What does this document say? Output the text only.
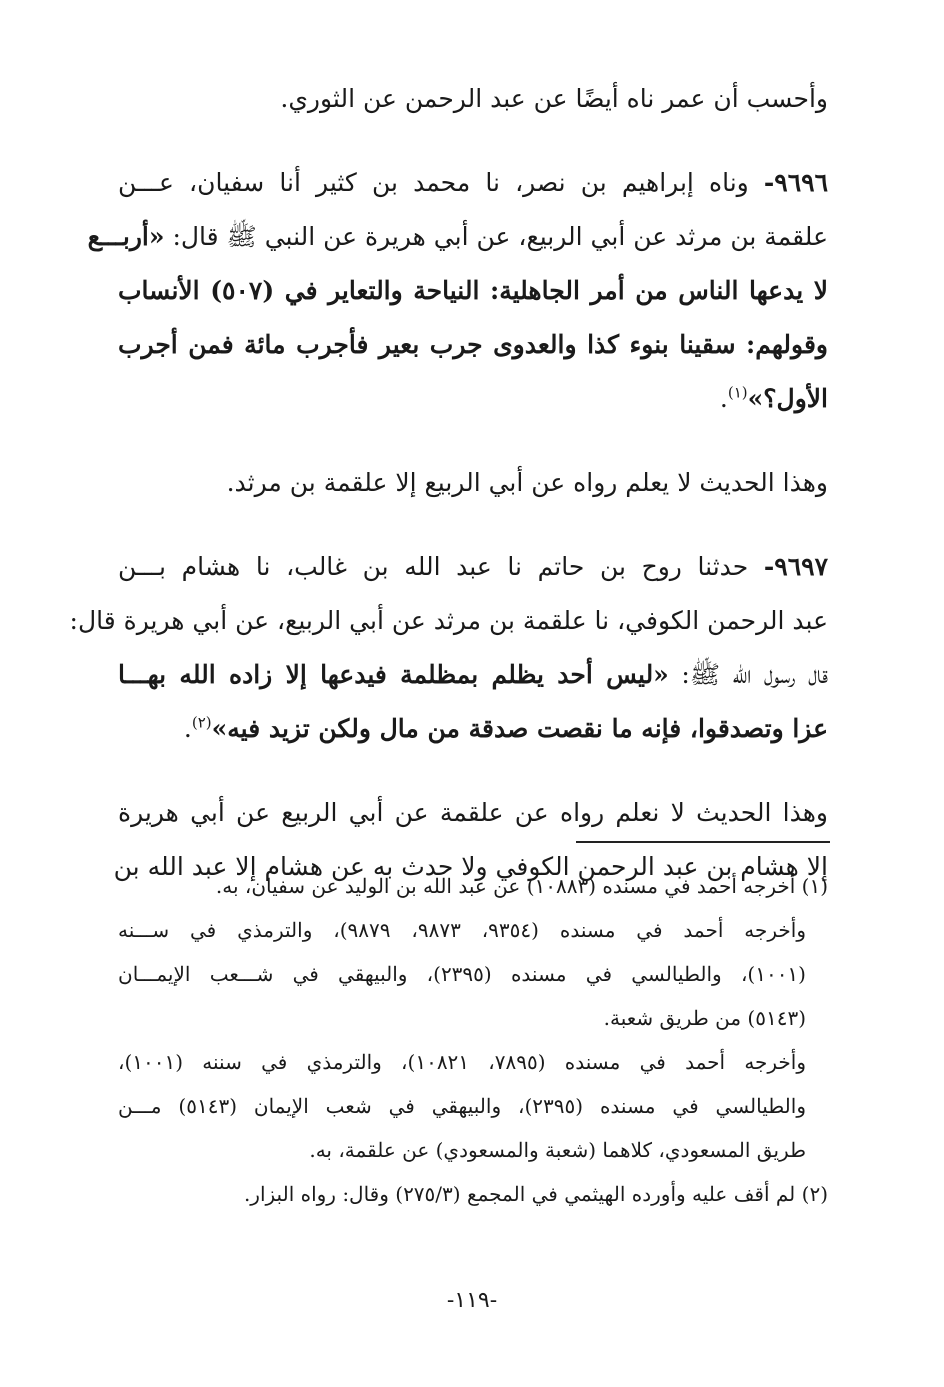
وأحسب أن عمر ناه أيضًا عن عبد الرحمن عن الثوري.
٩٦٩٦- وناه إبراهيم بن نصر، نا محمد بن كثير أنا سفيان، عـــن
علقمة بن مرثد عن أبي الربيع، عن أبي هريرة عن النبي ﷺ قال: «أربـــع
لا يدعها الناس من أمر الجاهلية: النياحة والتعاير في (٥٠٧) الأنساب
وقولهم: سقينا بنوء كذا والعدوى جرب بعير فأجرب مائة فمن أجرب
الأول؟»$^{(١)}$.
وهذا الحديث لا يعلم رواه عن أبي الربيع إلا علقمة بن مرثد.
٩٦٩٧- حدثنا روح بن حاتم نا عبد الله بن غالب، نا هشام بـــن
عبد الرحمن الكوفي، نا علقمة بن مرثد عن أبي الربيع، عن أبي هريرة قال:
قال رسول الله ﷺ: «ليس أحد يظلم بمظلمة فيدعها إلا زاده الله بهـــا
عزا وتصدقوا، فإنه ما نقصت صدقة من مال ولكن تزيد فيه»$^{(٢)}$.
وهذا الحديث لا نعلم رواه عن علقمة عن أبي الربيع عن أبي هريرة
إلا هشام بن عبد الرحمن الكوفي ولا حدث به عن هشام إلا عبد الله بن
(١) أخرجه أحمد في مسنده (١٠٨٨٣) عن عبد الله بن الوليد عن سفيان، به.
وأخرجه أحمد في مسنده (٩٣٥٤، ٩٨٧٣، ٩٨٧٩)، والترمذي في ســـنه
(١٠٠١)، والطيالسي في مسنده (٢٣٩٥)، والبيهقي في شـــعب الإيمـــان
(٥١٤٣) من طريق شعبة.
وأخرجه أحمد في مسنده (٧٨٩٥، ١٠٨٢١)، والترمذي في سننه (١٠٠١)،
والطيالسي في مسنده (٢٣٩٥)، والبيهقي في شعب الإيمان (٥١٤٣) مـــن
طريق المسعودي، كلاهما (شعبة والمسعودي) عن علقمة، به.
(٢) لم أقف عليه وأورده الهيثمي في المجمع (٢٧٥/٣) وقال: رواه البزار.
-١١٩-
